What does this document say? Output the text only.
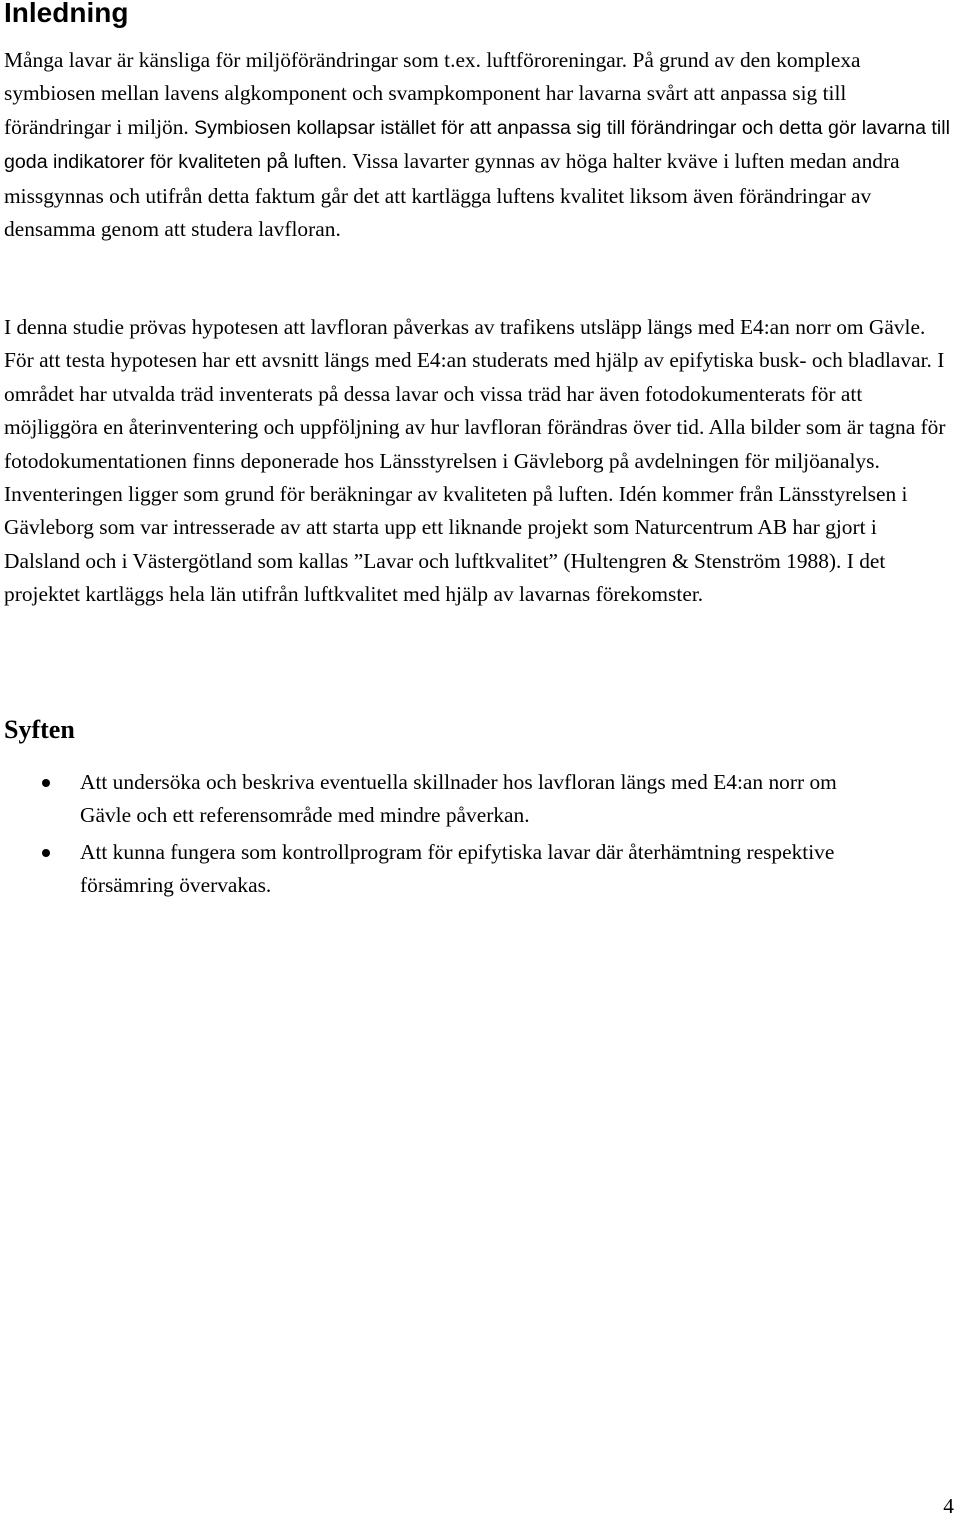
Inledning

Många lavar är känsliga för miljöförändringar som t.ex. luftföroreningar. På grund av den komplexa symbiosen mellan lavens algkomponent och svampkomponent har lavarna svårt att anpassa sig till förändringar i miljön. Symbiosen kollapsar istället för att anpassa sig till förändringar och detta gör lavarna till goda indikatorer för kvaliteten på luften. Vissa lavarter gynnas av höga halter kväve i luften medan andra missgynnas och utifrån detta faktum går det att kartlägga luftens kvalitet liksom även förändringar av densamma genom att studera lavfloran.

I denna studie prövas hypotesen att lavfloran påverkas av trafikens utsläpp längs med E4:an norr om Gävle. För att testa hypotesen har ett avsnitt längs med E4:an studerats med hjälp av epifytiska busk- och bladlavar. I området har utvalda träd inventerats på dessa lavar och vissa träd har även fotodokumenterats för att möjliggöra en återinventering och uppföljning av hur lavfloran förändras över tid. Alla bilder som är tagna för fotodokumentationen finns deponerade hos Länsstyrelsen i Gävleborg på avdelningen för miljöanalys. Inventeringen ligger som grund för beräkningar av kvaliteten på luften. Idén kommer från Länsstyrelsen i Gävleborg som var intresserade av att starta upp ett liknande projekt som Naturcentrum AB har gjort i Dalsland och i Västergötland som kallas ”Lavar och luftkvalitet” (Hultengren & Stenström 1988). I det projektet kartläggs hela län utifrån luftkvalitet med hjälp av lavarnas förekomster.

Syften
Att undersöka och beskriva eventuella skillnader hos lavfloran längs med E4:an norr om Gävle och ett referensområde med mindre påverkan.
Att kunna fungera som kontrollprogram för epifytiska lavar där återhämtning respektive försämring övervakas.
4
